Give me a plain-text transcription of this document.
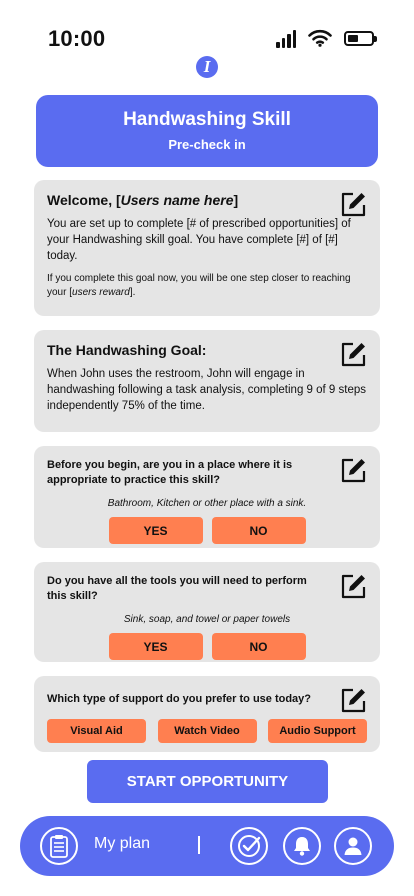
10:00
I
Handwashing Skill
Pre-check in
Welcome, [Users name here]

You are set up to complete [# of prescribed opportunities] of your Handwashing skill goal. You have complete [#] of [#] today.

If you complete this goal now, you will be one step closer to reaching your [users reward].

The Handwashing Goal:

When John uses the restroom, John will engage in handwashing following a task analysis, completing 9 of 9 steps independently 75% of the time.

Before you begin, are you in a place where it is appropriate to practice this skill?
Bathroom, Kitchen or other place with a sink.
YES	NO
Do you have all the tools you will need to perform this skill?
Sink, soap, and towel or paper towels
YES	NO
Which type of support do you prefer to use today?
Visual Aid	Watch Video	Audio Support
START OPPORTUNITY
My plan
